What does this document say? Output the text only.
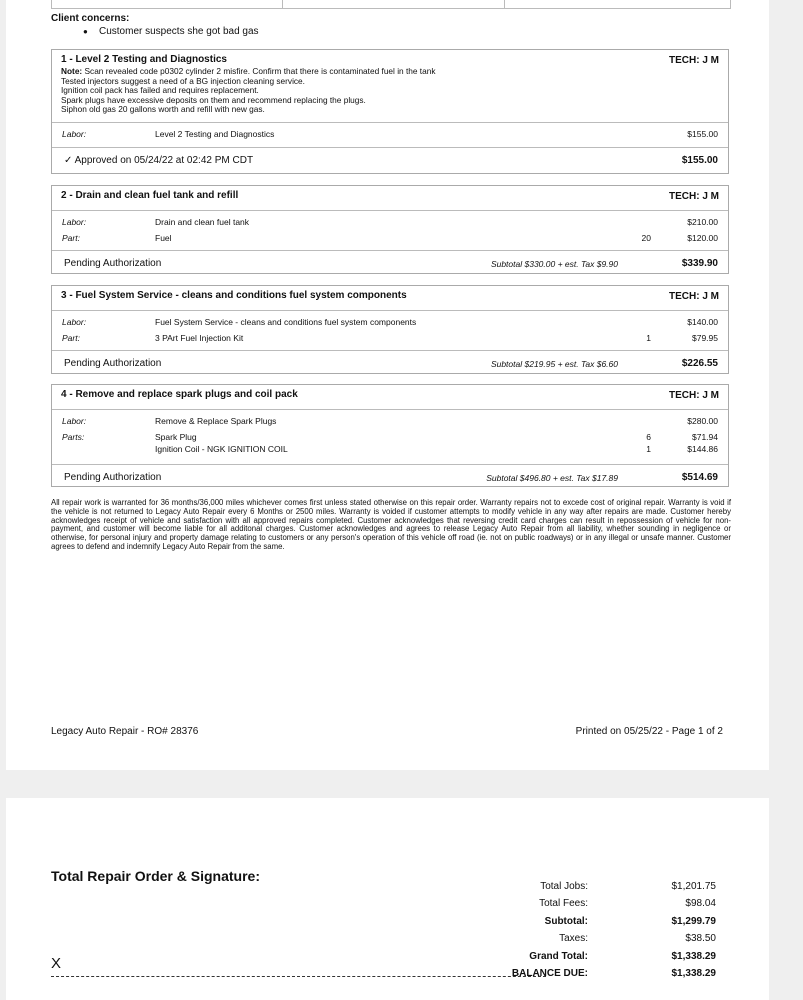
Client concerns:
● Customer suspects she got bad gas
1 - Level 2 Testing and Diagnostics	TECH: J M
Note: Scan revealed code p0302 cylinder 2 misfire. Confirm that there is contaminated fuel in the tank
Tested injectors suggest a need of a BG injection cleaning service.
Ignition coil pack has failed and requires replacement.
Spark plugs have excessive deposits on them and recommend replacing the plugs.
Siphon old gas 20 gallons worth and refill with new gas.
Labor:	Level 2 Testing and Diagnostics	$155.00
✓ Approved on 05/24/22 at 02:42 PM CDT	$155.00
2 - Drain and clean fuel tank and refill	TECH: J M
Labor:	Drain and clean fuel tank	$210.00
Part:	Fuel	20	$120.00
Pending Authorization	Subtotal $330.00 + est. Tax $9.90	$339.90
3 - Fuel System Service - cleans and conditions fuel system components	TECH: J M
Labor:	Fuel System Service - cleans and conditions fuel system components	$140.00
Part:	3 PArt Fuel Injection Kit	1	$79.95
Pending Authorization	Subtotal $219.95 + est. Tax $6.60	$226.55
4 - Remove and replace spark plugs and coil pack	TECH: J M
Labor:	Remove & Replace Spark Plugs	$280.00
Parts:	Spark Plug	6	$71.94
Ignition Coil - NGK IGNITION COIL	1	$144.86
Pending Authorization	Subtotal $496.80 + est. Tax $17.89	$514.69
All repair work is warranted for 36 months/36,000 miles whichever comes first unless stated otherwise on this repair order. Warranty repairs not to excede cost of original repair. Warranty is void if the vehicle is not returned to Legacy Auto Repair every 6 Months or 2500 miles. Warranty is voided if customer attempts to modify vehicle in any way after repairs are made. Customer hereby acknowledges receipt of vehicle and satisfaction with all approved repairs completed. Customer acknowledges that reversing credit card charges can result in repossession of vehicle for non-payment, and customer will become liable for all additonal charges. Customer acknowledges and agrees to release Legacy Auto Repair from all liability, whether sounding in negligence or otherwise, for personal injury and property damage relating to customers or any person's operation of this vehicle off road (ie. not on public roadways) or in any illegal or unsafe manner. Customer agrees to defend and indemnify Legacy Auto Repair from the same.
Legacy Auto Repair - RO# 28376	Printed on 05/25/22 - Page 1 of 2
Total Repair Order & Signature:
Total Jobs:	$1,201.75
Total Fees:	$98.04
Subtotal:	$1,299.79
Taxes:	$38.50
Grand Total:	$1,338.29
BALANCE DUE:	$1,338.29
X
